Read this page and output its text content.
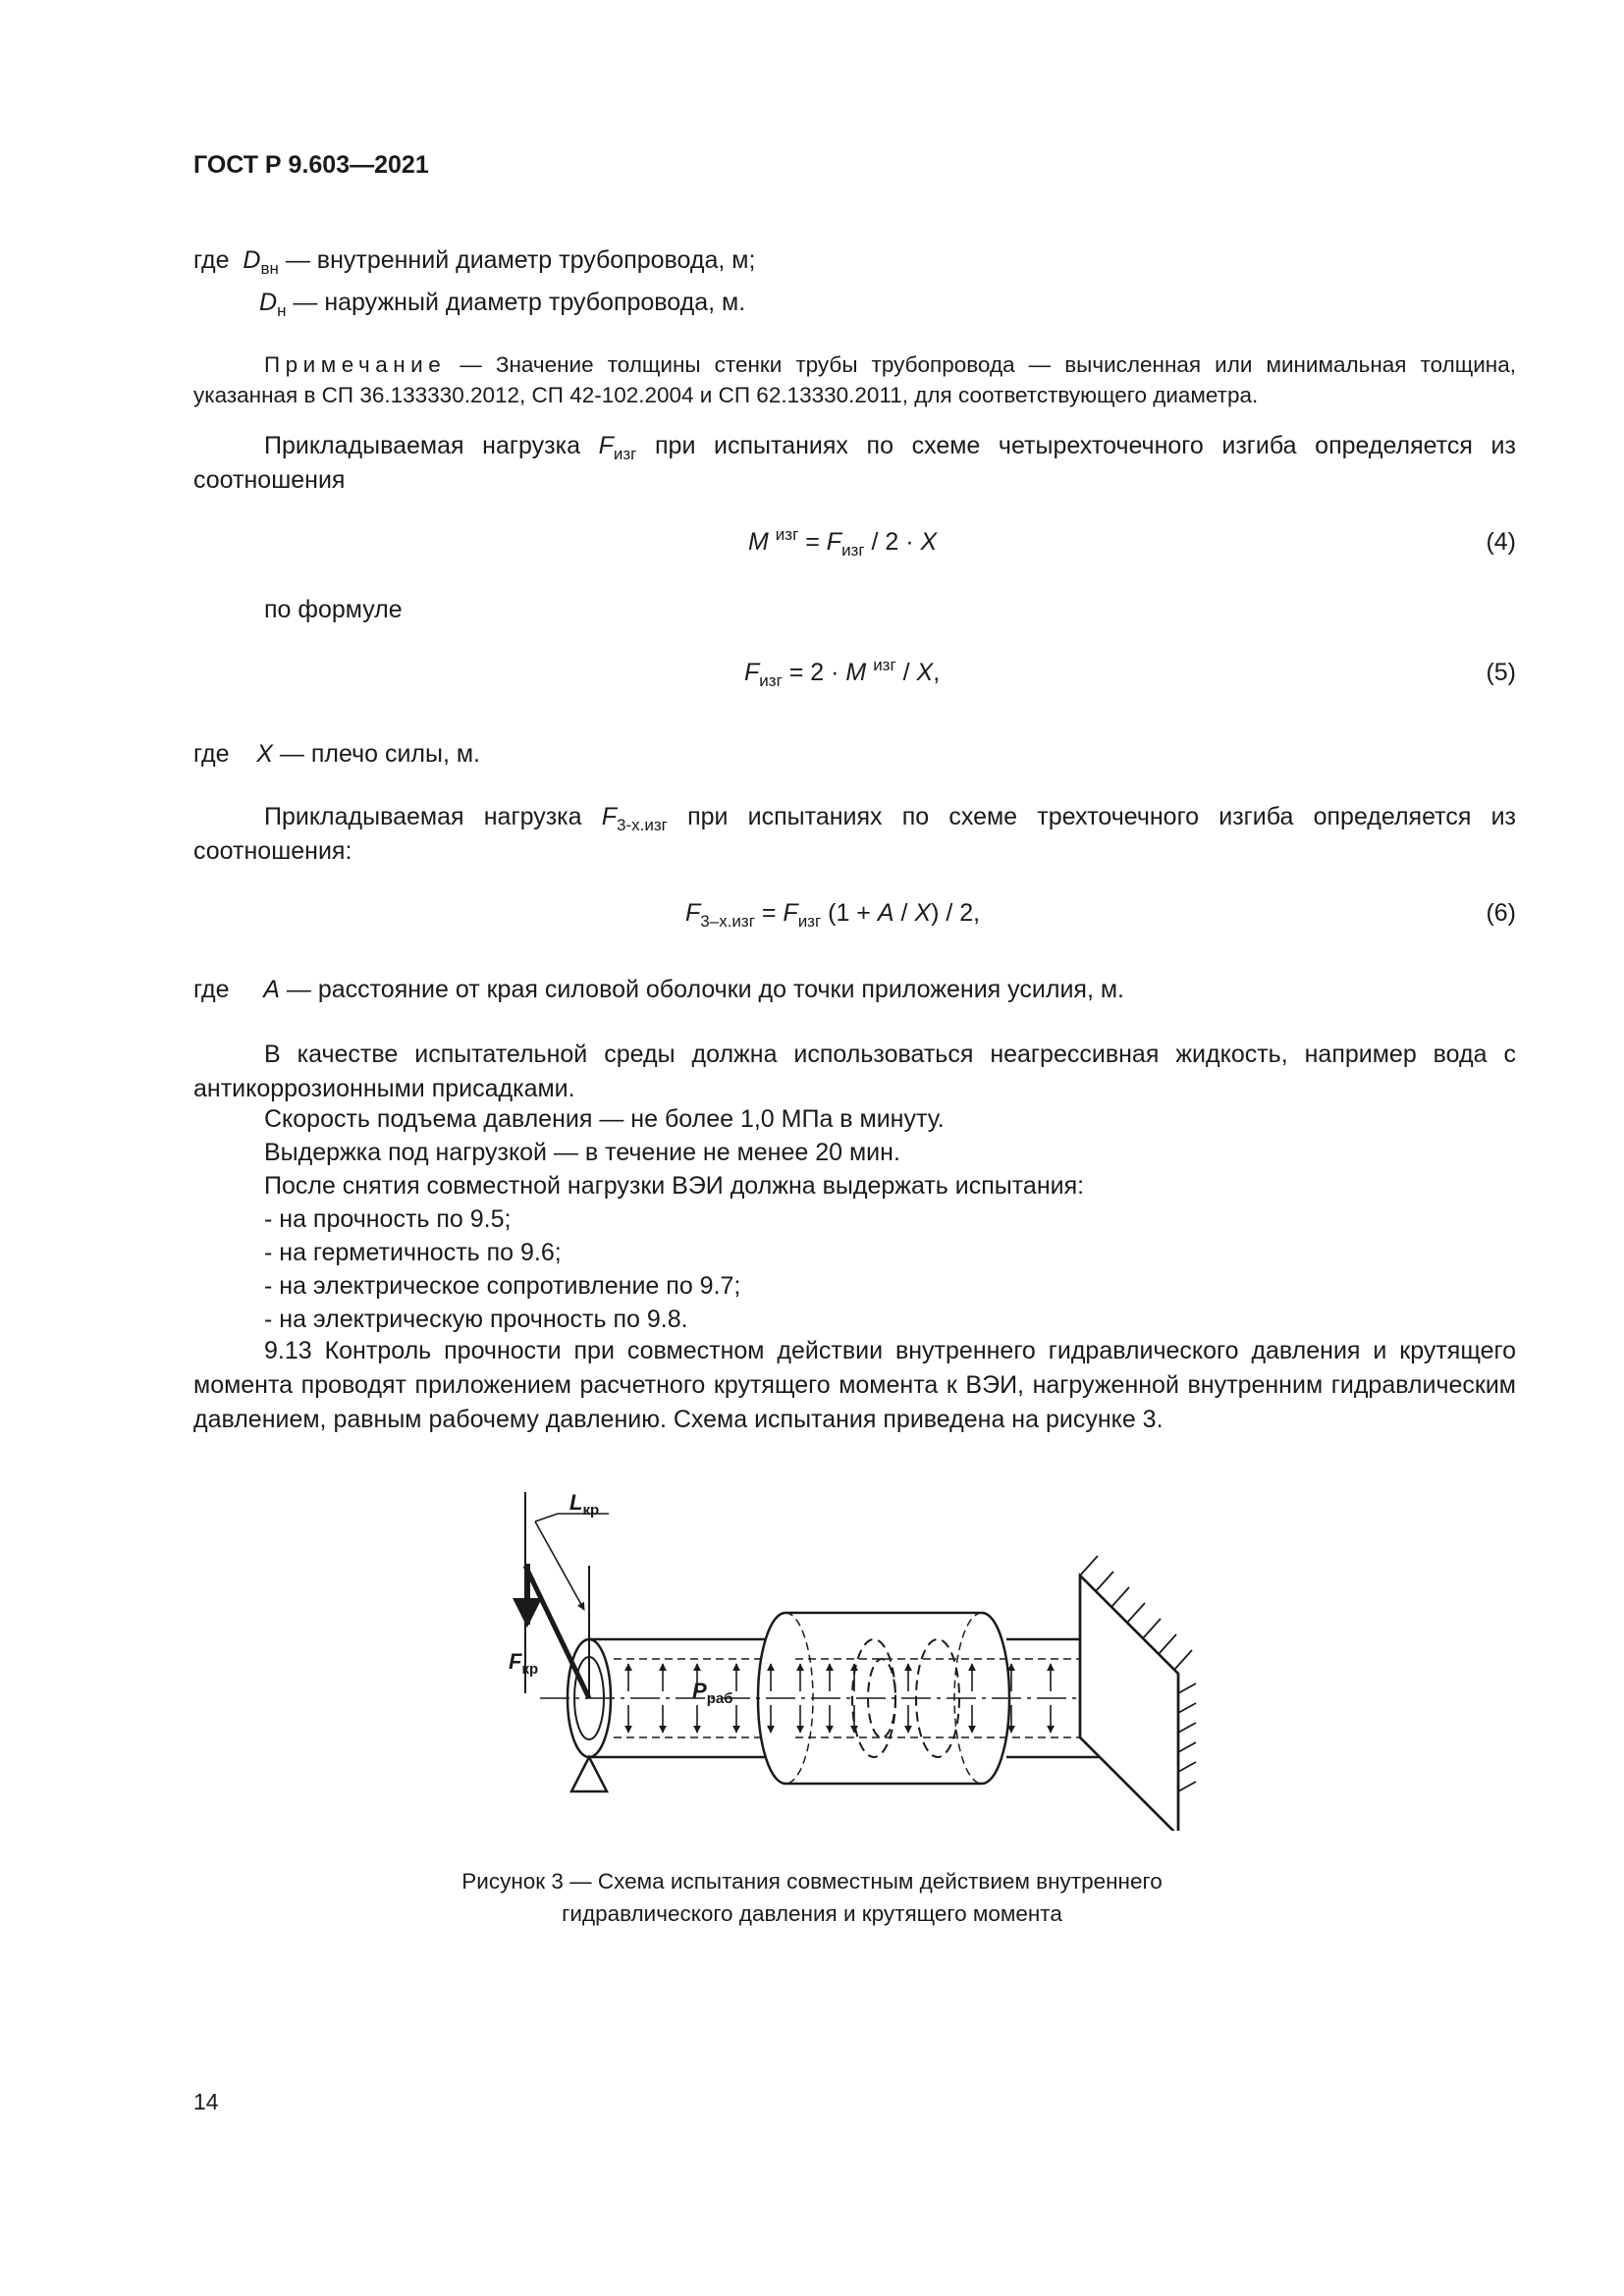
ГОСТ Р 9.603—2021
где $D_{вн}$ — внутренний диаметр трубопровода, м;
$D_н$ — наружный диаметр трубопровода, м.
Примечание — Значение толщины стенки трубы трубопровода — вычисленная или минимальная толщина, указанная в СП 36.133330.2012, СП 42-102.2004 и СП 62.13330.2011, для соответствующего диаметра.
Прикладываемая нагрузка $F_{изг}$ при испытаниях по схеме четырехточечного изгиба определяется из соотношения
M $^{изг} = F_{изг} / 2 \cdot X$	(4)
по формуле
$F_{изг} = 2 \cdot M$ $^{изг}$ / X,	(5)
где X — плечо силы, м.
Прикладываемая нагрузка $F_{3-х.изг}$ при испытаниях по схеме трехточечного изгиба определяется из соотношения:
$F_{3-х.изг} = F_{изг}$ (1 + A / X) / 2,	(6)
где A — расстояние от края силовой оболочки до точки приложения усилия, м.
В качестве испытательной среды должна использоваться неагрессивная жидкость, например вода с антикоррозионными присадками.
Скорость подъема давления — не более 1,0 МПа в минуту.
Выдержка под нагрузкой — в течение не менее 20 мин.
После снятия совместной нагрузки ВЭИ должна выдержать испытания:
- на прочность по 9.5;
- на герметичность по 9.6;
- на электрическое сопротивление по 9.7;
- на электрическую прочность по 9.8.
9.13 Контроль прочности при совместном действии внутреннего гидравлического давления и крутящего момента проводят приложением расчетного крутящего момента к ВЭИ, нагруженной внутренним гидравлическим давлением, равным рабочему давлению. Схема испытания приведена на рисунке 3.
$L_{кр}$
$F_{кр}$
$P_{раб}$
Рисунок 3 — Схема испытания совместным действием внутреннего
гидравлического давления и крутящего момента
14
